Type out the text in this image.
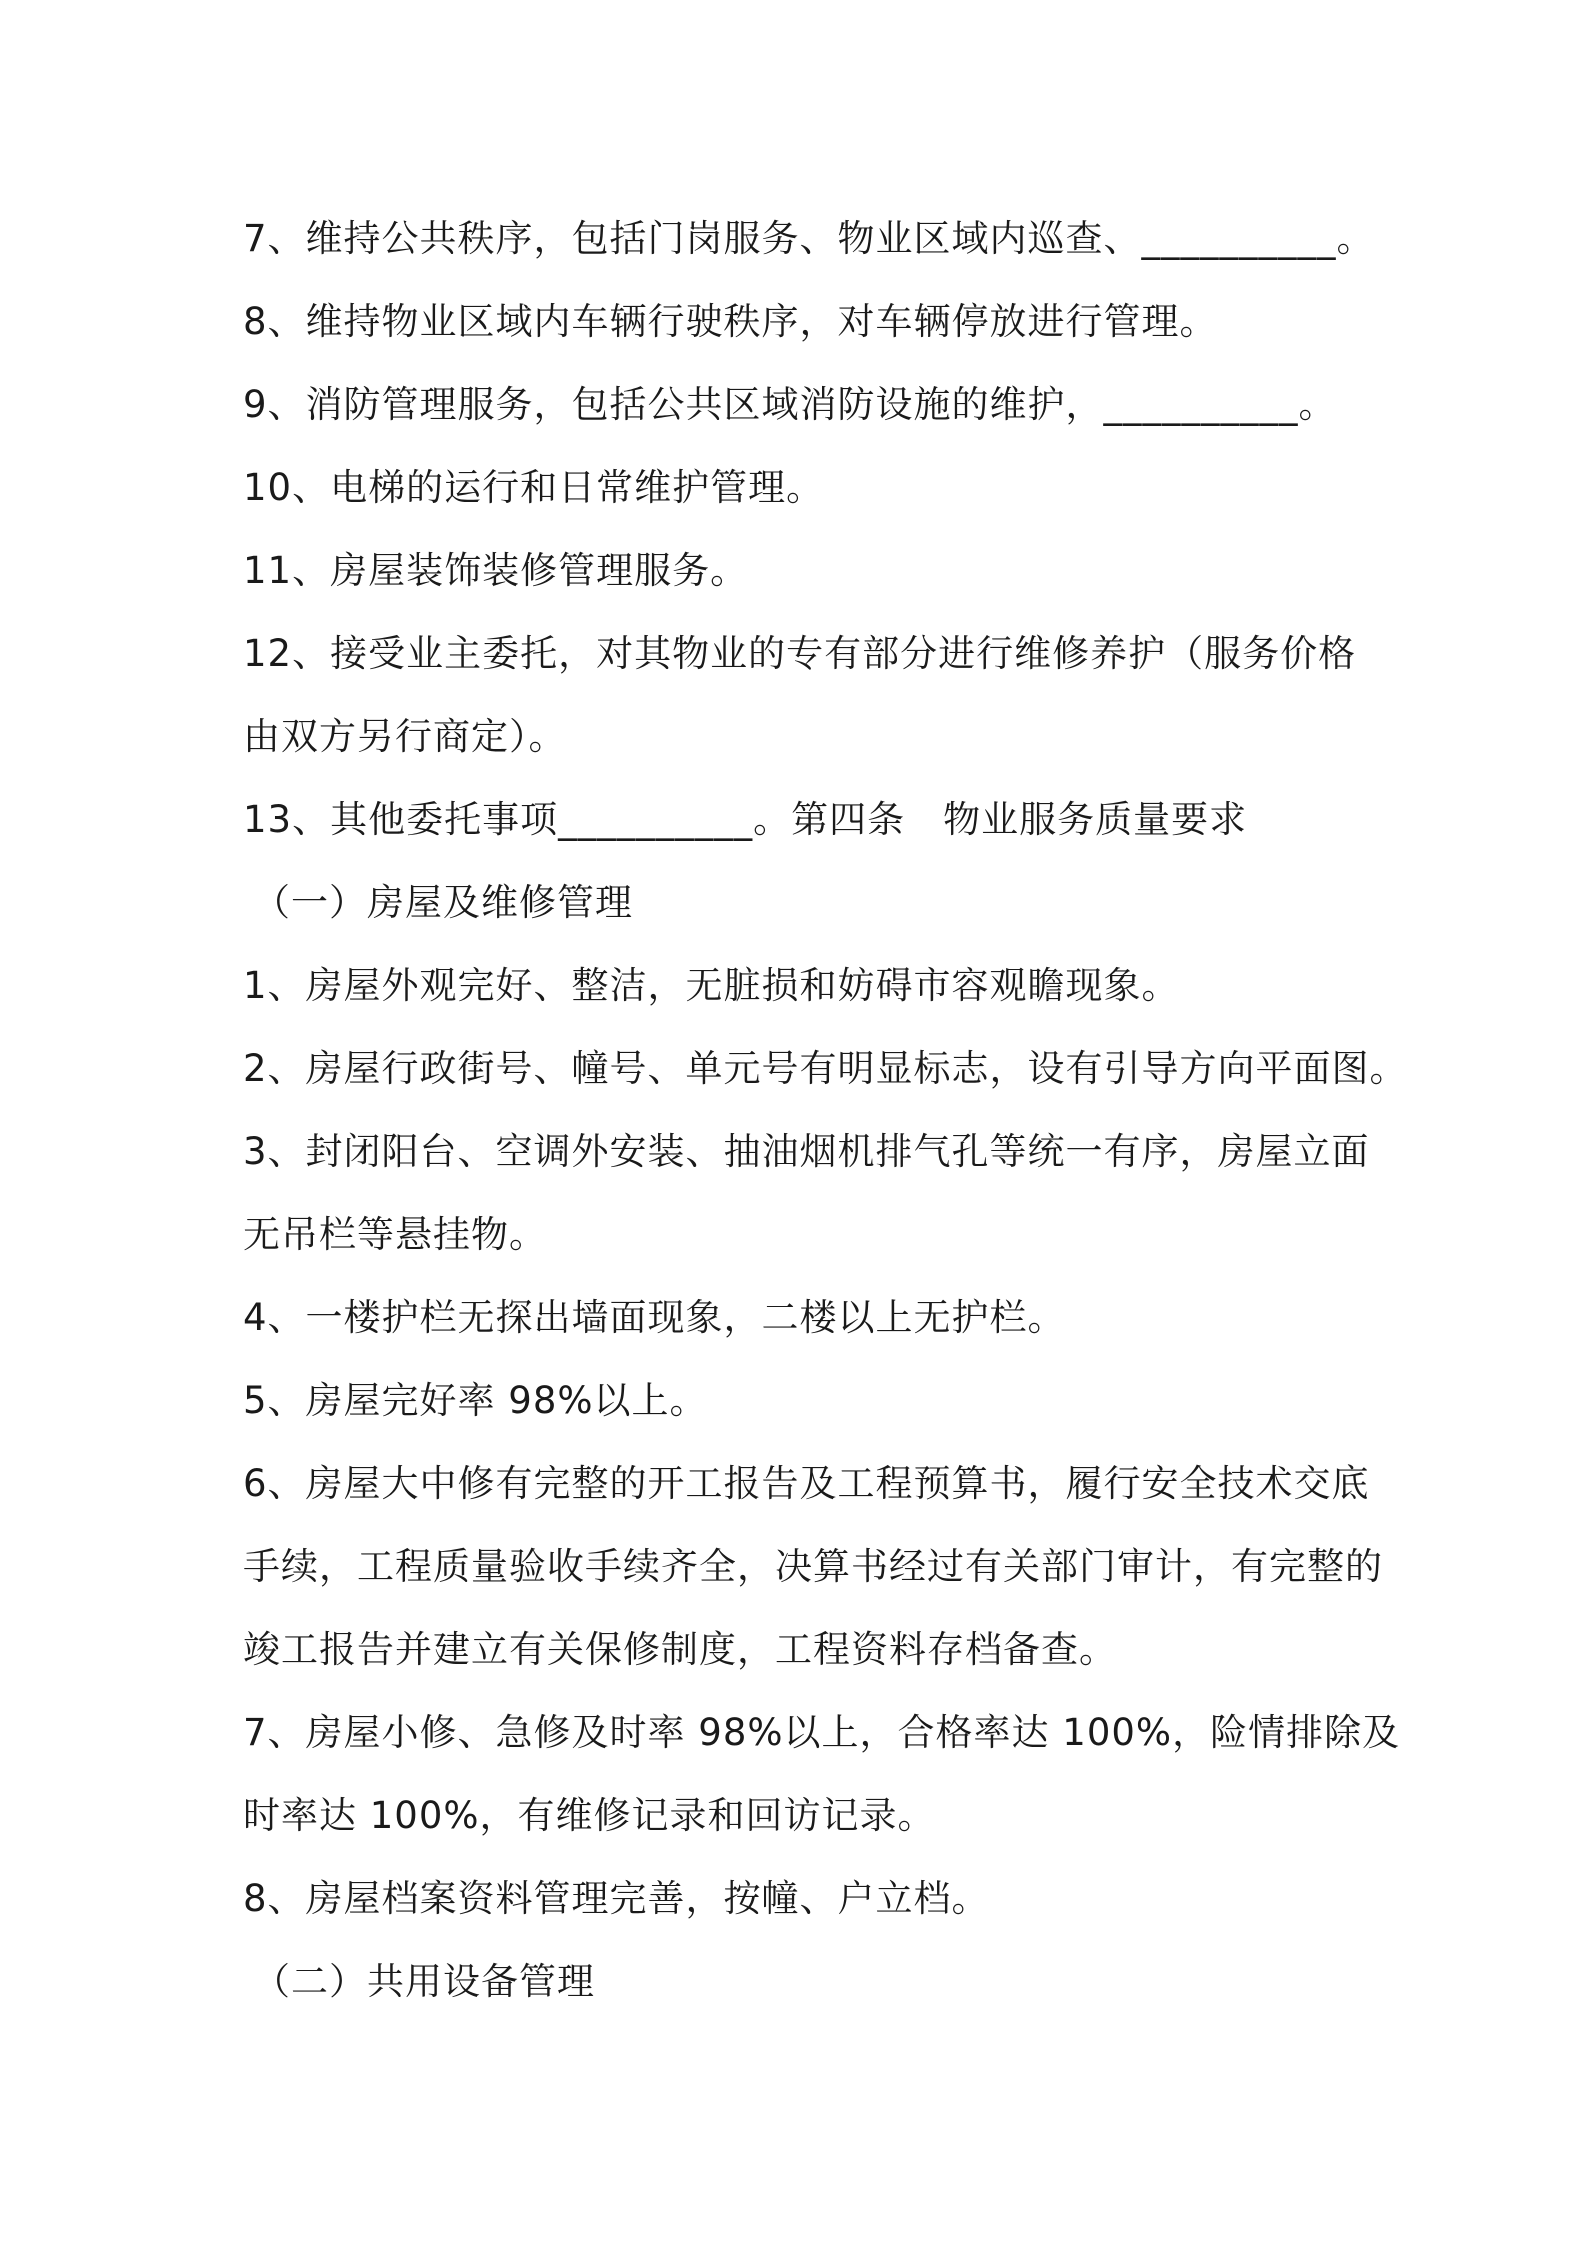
7、维持公共秩序，包括门岗服务、物业区域内巡查、__________。
8、维持物业区域内车辆行驶秩序，对车辆停放进行管理。
9、消防管理服务，包括公共区域消防设施的维护，__________。
10、电梯的运行和日常维护管理。
11、房屋装饰装修管理服务。
12、接受业主委托，对其物业的专有部分进行维修养护（服务价格
由双方另行商定）。
13、其他委托事项__________。第四条　物业服务质量要求
（一）房屋及维修管理
1、房屋外观完好、整洁，无脏损和妨碍市容观瞻现象。
2、房屋行政街号、幢号、单元号有明显标志，设有引导方向平面图。
3、封闭阳台、空调外安装、抽油烟机排气孔等统一有序，房屋立面
无吊栏等悬挂物。
4、一楼护栏无探出墙面现象，二楼以上无护栏。
5、房屋完好率 98%以上。
6、房屋大中修有完整的开工报告及工程预算书，履行安全技术交底
手续，工程质量验收手续齐全，决算书经过有关部门审计，有完整的
竣工报告并建立有关保修制度，工程资料存档备查。
7、房屋小修、急修及时率 98%以上，合格率达 100%，险情排除及
时率达 100%，有维修记录和回访记录。
8、房屋档案资料管理完善，按幢、户立档。
（二）共用设备管理
